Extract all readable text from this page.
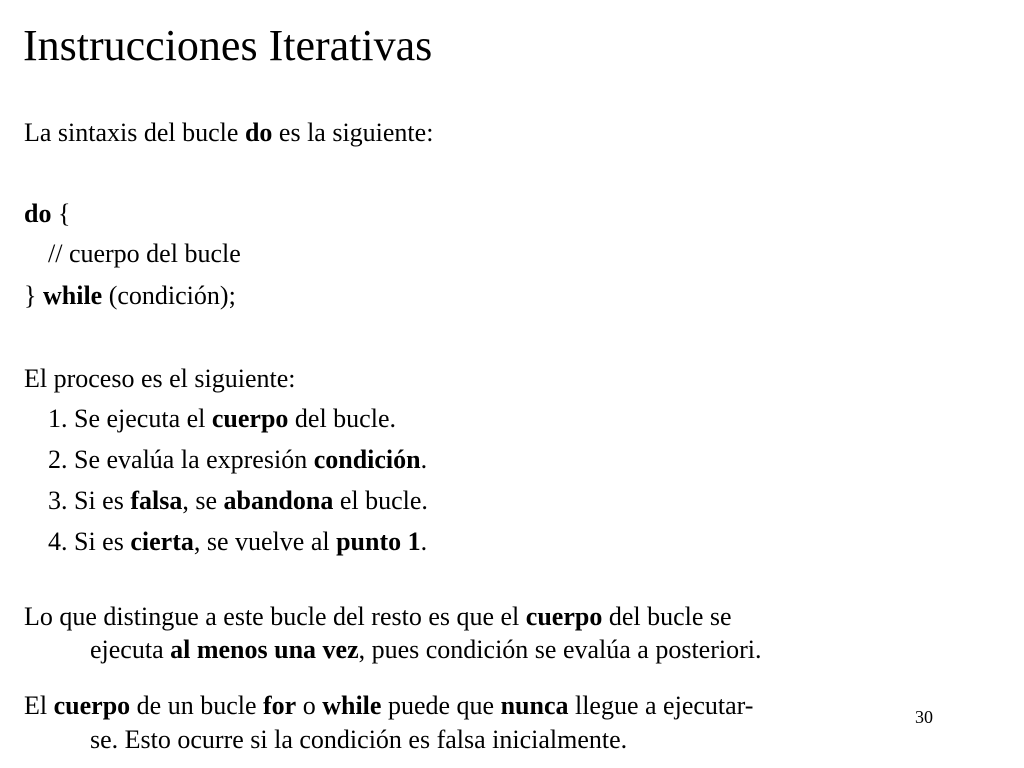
Instrucciones Iterativas
La sintaxis del bucle do es la siguiente:
do {
// cuerpo del bucle
} while (condición);
El proceso es el siguiente:
1. Se ejecuta el cuerpo del bucle.
2. Se evalúa la expresión condición.
3. Si es falsa, se abandona el bucle.
4. Si es cierta, se vuelve al punto 1.
Lo que distingue a este bucle del resto es que el cuerpo del bucle se
ejecuta al menos una vez, pues condición se evalúa a posteriori.
El cuerpo de un bucle for o while puede que nunca llegue a ejecutar-
se. Esto ocurre si la condición es falsa inicialmente.
30
